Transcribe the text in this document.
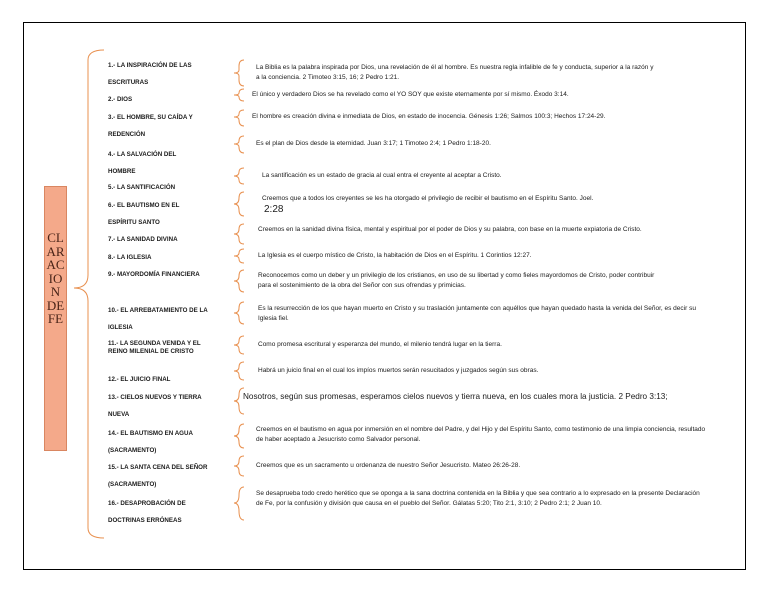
CLARACION DE FE
1.- LA INSPIRACIÓN DE LAS ESCRITURAS
2.- DIOS
3.- EL HOMBRE, SU CAÍDA Y REDENCIÓN
4.- LA SALVACIÓN DEL HOMBRE
5.- LA SANTIFICACIÓN
6.- EL BAUTISMO EN EL ESPÍRITU SANTO
7.- LA SANIDAD DIVINA
8.- LA IGLESIA
9.- MAYORDOMÍA FINANCIERA
10.- EL ARREBATAMIENTO DE LA IGLESIA
11.- LA SEGUNDA VENIDA Y EL REINO MILENIAL DE CRISTO
12.- EL JUICIO FINAL
13.- CIELOS NUEVOS Y TIERRA NUEVA
14.- EL BAUTISMO EN AGUA (SACRAMENTO)
15.- LA SANTA CENA DEL SEÑOR (SACRAMENTO)
16.- DESAPROBACIÓN DE DOCTRINAS ERRÓNEAS
La Biblia es la palabra inspirada por Dios, una revelación de él al hombre. Es nuestra regla infalible de fe y conducta, superior a la razón y a la conciencia. 2 Timoteo 3:15, 16; 2 Pedro 1:21.
El único y verdadero Dios se ha revelado como el YO SOY que existe eternamente por sí mismo. Éxodo 3:14.
El hombre es creación divina e inmediata de Dios, en estado de inocencia. Génesis 1:26; Salmos 100:3; Hechos 17:24-29.
Es el plan de Dios desde la eternidad. Juan 3:17; 1 Timoteo 2:4; 1 Pedro 1:18-20.
La santificación es un estado de gracia al cual entra el creyente al aceptar a Cristo.
Creemos que a todos los creyentes se les ha otorgado el privilegio de recibir el bautismo en el Espíritu Santo. Joel.
2:28
Creemos en la sanidad divina física, mental y espiritual por el poder de Dios y su palabra, con base en la muerte expiatoria de Cristo.
La Iglesia es el cuerpo místico de Cristo, la habitación de Dios en el Espíritu. 1 Corintios 12:27.
Reconocemos como un deber y un privilegio de los cristianos, en uso de su libertad y como fieles mayordomos de Cristo, poder contribuir para el sostenimiento de la obra del Señor con sus ofrendas y primicias.
Es la resurrección de los que hayan muerto en Cristo y su traslación juntamente con aquéllos que hayan quedado hasta la venida del Señor, es decir su Iglesia fiel.
Como promesa escritural y esperanza del mundo, el milenio tendrá lugar en la tierra.
Habrá un juicio final en el cual los impíos muertos serán resucitados y juzgados según sus obras.
Nosotros, según sus promesas, esperamos cielos nuevos y tierra nueva, en los cuales mora la justicia. 2 Pedro 3:13;
Creemos en el bautismo en agua por inmersión en el nombre del Padre, y del Hijo y del Espíritu Santo, como testimonio de una limpia conciencia, resultado de haber aceptado a Jesucristo como Salvador personal.
Creemos que es un sacramento u ordenanza de nuestro Señor Jesucristo. Mateo 26:26-28.
Se desaprueba todo credo herético que se oponga a la sana doctrina contenida en la Biblia y que sea contrario a lo expresado en la presente Declaración de Fe, por la confusión y división que causa en el pueblo del Señor. Gálatas 5:20; Tito 2:1, 3:10; 2 Pedro 2:1; 2 Juan 10.
